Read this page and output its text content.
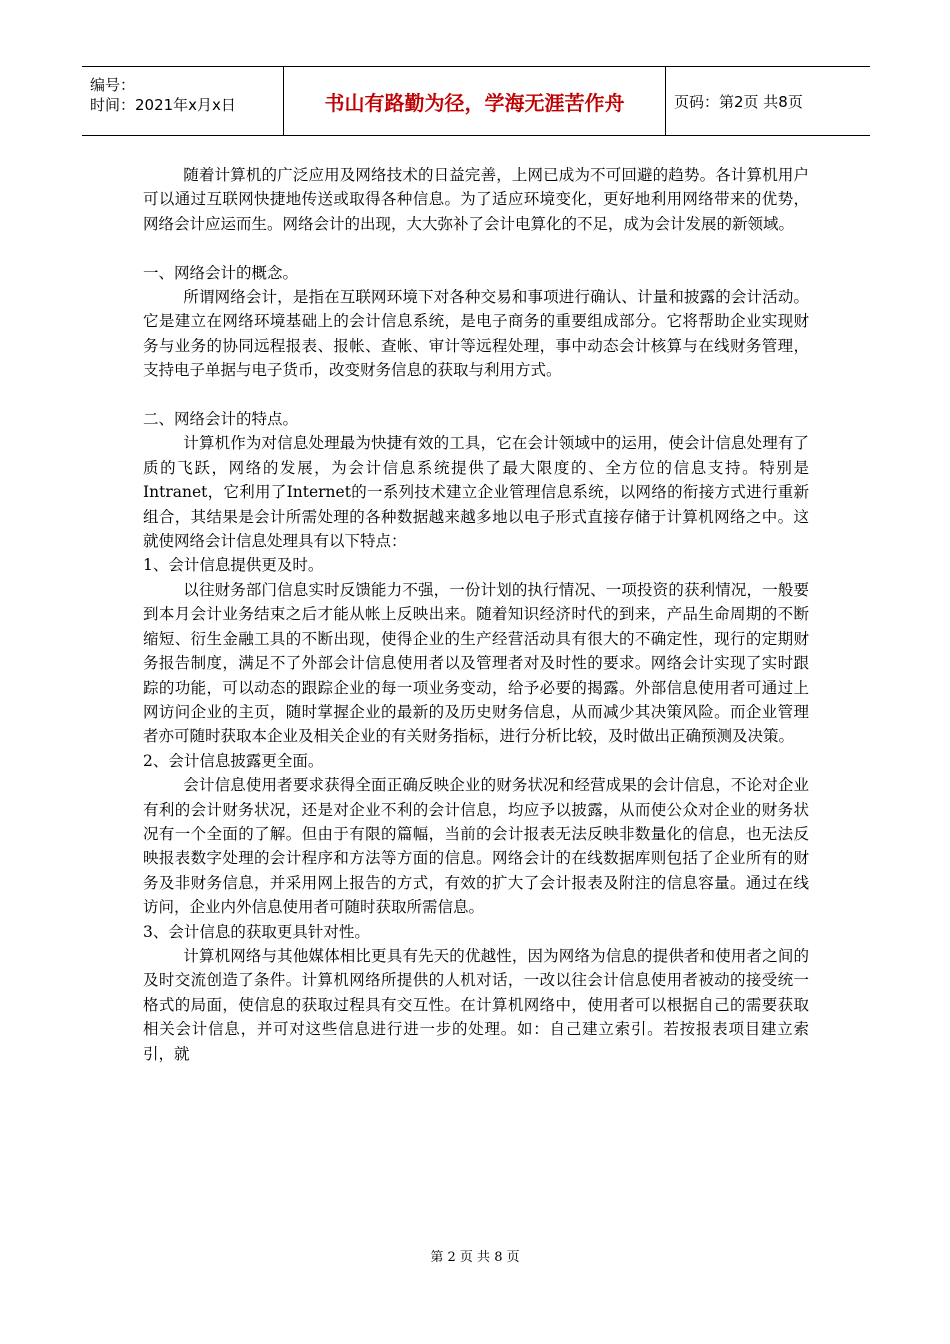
编号：
时间：2021年x月x日	书山有路勤为径，学海无涯苦作舟	页码：第2页 共8页

随着计算机的广泛应用及网络技术的日益完善，上网已成为不可回避的趋势。各计算机用户可以通过互联网快捷地传送或取得各种信息。为了适应环境变化，更好地利用网络带来的优势，网络会计应运而生。网络会计的出现，大大弥补了会计电算化的不足，成为会计发展的新领域。

一、网络会计的概念。

所谓网络会计，是指在互联网环境下对各种交易和事项进行确认、计量和披露的会计活动。它是建立在网络环境基础上的会计信息系统，是电子商务的重要组成部分。它将帮助企业实现财务与业务的协同远程报表、报帐、查帐、审计等远程处理，事中动态会计核算与在线财务管理，支持电子单据与电子货币，改变财务信息的获取与利用方式。

二、网络会计的特点。

计算机作为对信息处理最为快捷有效的工具，它在会计领域中的运用，使会计信息处理有了质的飞跃，网络的发展，为会计信息系统提供了最大限度的、全方位的信息支持。特别是Intranet，它利用了Internet的一系列技术建立企业管理信息系统，以网络的衔接方式进行重新组合，其结果是会计所需处理的各种数据越来越多地以电子形式直接存储于计算机网络之中。这就使网络会计信息处理具有以下特点：

1、会计信息提供更及时。

以往财务部门信息实时反馈能力不强，一份计划的执行情况、一项投资的获利情况，一般要到本月会计业务结束之后才能从帐上反映出来。随着知识经济时代的到来，产品生命周期的不断缩短、衍生金融工具的不断出现，使得企业的生产经营活动具有很大的不确定性，现行的定期财务报告制度，满足不了外部会计信息使用者以及管理者对及时性的要求。网络会计实现了实时跟踪的功能，可以动态的跟踪企业的每一项业务变动，给予必要的揭露。外部信息使用者可通过上网访问企业的主页，随时掌握企业的最新的及历史财务信息，从而减少其决策风险。而企业管理者亦可随时获取本企业及相关企业的有关财务指标，进行分析比较，及时做出正确预测及决策。

2、会计信息披露更全面。

会计信息使用者要求获得全面正确反映企业的财务状况和经营成果的会计信息，不论对企业有利的会计财务状况，还是对企业不利的会计信息，均应予以披露，从而使公众对企业的财务状况有一个全面的了解。但由于有限的篇幅，当前的会计报表无法反映非数量化的信息，也无法反映报表数字处理的会计程序和方法等方面的信息。网络会计的在线数据库则包括了企业所有的财务及非财务信息，并采用网上报告的方式，有效的扩大了会计报表及附注的信息容量。通过在线访问，企业内外信息使用者可随时获取所需信息。

3、会计信息的获取更具针对性。

计算机网络与其他媒体相比更具有先天的优越性，因为网络为信息的提供者和使用者之间的及时交流创造了条件。计算机网络所提供的人机对话，一改以往会计信息使用者被动的接受统一格式的局面，使信息的获取过程具有交互性。在计算机网络中，使用者可以根据自己的需要获取相关会计信息，并可对这些信息进行进一步的处理。如：自己建立索引。若按报表项目建立索引，就

第 2 页 共 8 页
